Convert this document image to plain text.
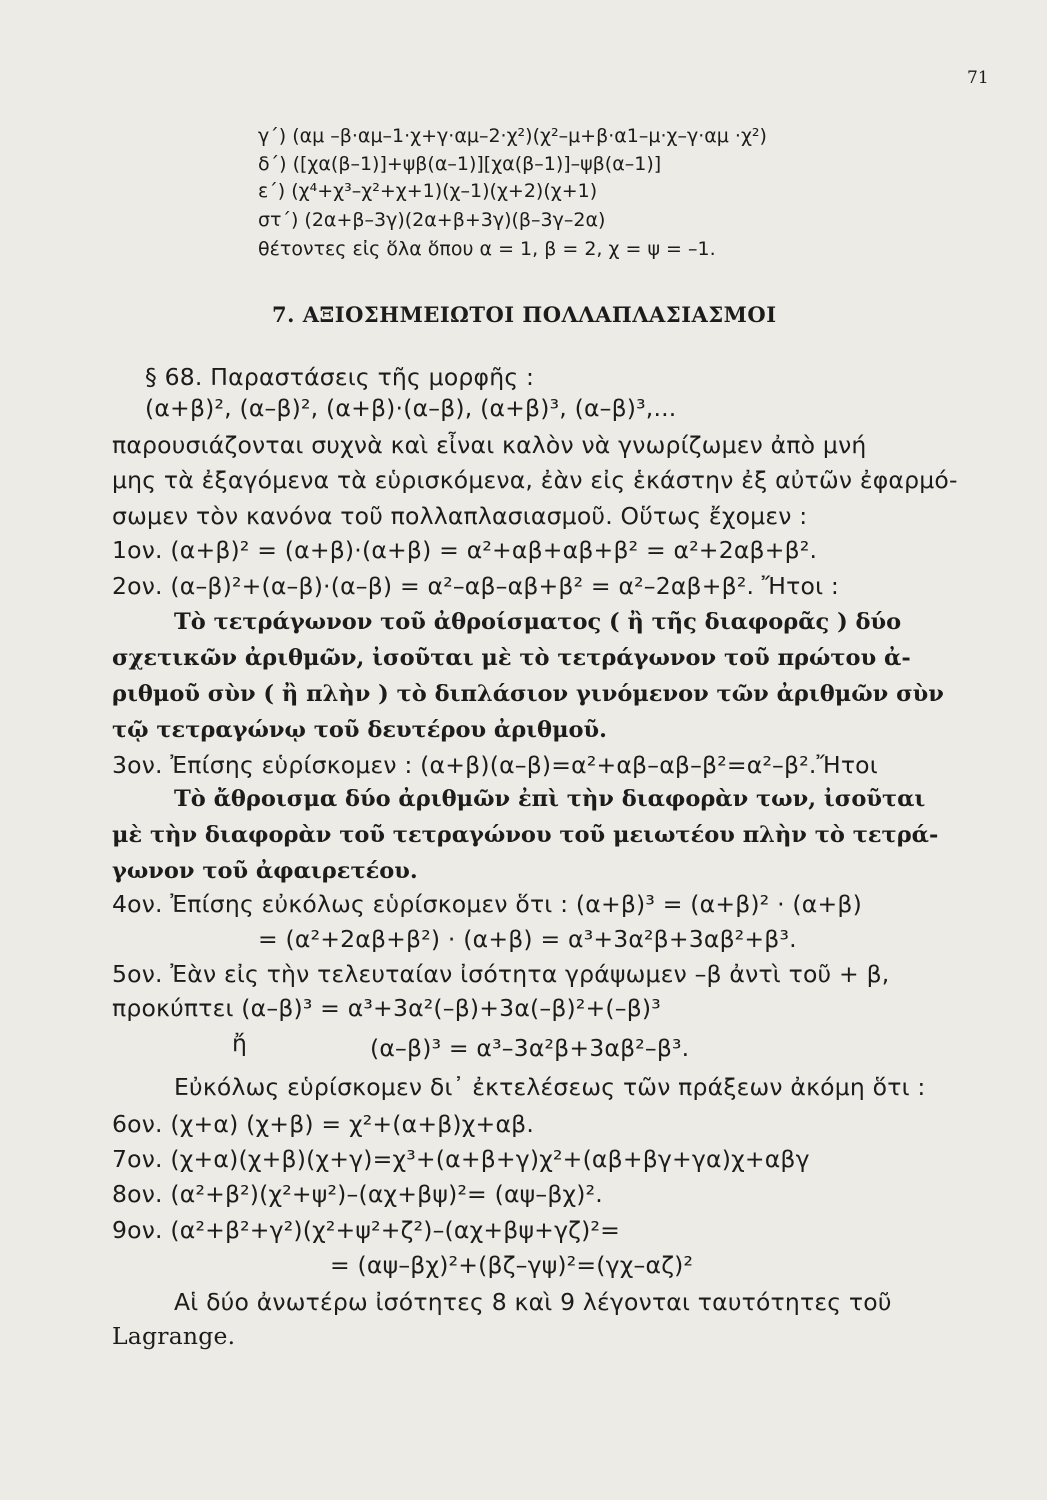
71
γ΄) (αμ –β·αμ–1·χ+γ·αμ–2·χ²)(χ²–μ+β·α1–μ·χ–γ·αμ ·χ²)
δ΄) ([χα(β–1)]+ψβ(α–1)][χα(β–1)]–ψβ(α–1)]
ε΄) (χ⁴+χ³–χ²+χ+1)(χ–1)(χ+2)(χ+1)
στ΄) (2α+β–3γ)(2α+β+3γ)(β–3γ–2α)
θέτοντες εἰς ὅλα ὅπου α = 1, β = 2, χ = ψ = –1.
7. ΑΞΙΟΣΗΜΕΙΩΤΟΙ ΠΟΛΛΑΠΛΑΣΙΑΣΜΟΙ
§ 68. Παραστάσεις τῆς μορφῆς :
(α+β)², (α–β)², (α+β)·(α–β), (α+β)³, (α–β)³,...
παρουσιάζονται συχνὰ καὶ εἶναι καλὸν νὰ γνωρίζωμεν ἀπὸ μνή
μης τὰ ἐξαγόμενα τὰ εὑρισκόμενα, ἐὰν εἰς ἑκάστην ἐξ αὐτῶν ἐφαρμό-
σωμεν τὸν κανόνα τοῦ πολλαπλασιασμοῦ. Οὕτως ἔχομεν :
1ον. (α+β)² = (α+β)·(α+β) = α²+αβ+αβ+β² = α²+2αβ+β².
2ον. (α–β)²+(α–β)·(α–β) = α²–αβ–αβ+β² = α²–2αβ+β². Ἤτοι :
Τὸ τετράγωνον τοῦ ἀθροίσματος ( ἢ τῆς διαφορᾶς ) δύο
σχετικῶν ἀριθμῶν, ἰσοῦται μὲ τὸ τετράγωνον τοῦ πρώτου ἀ-
ριθμοῦ σὺν ( ἢ πλὴν ) τὸ διπλάσιον γινόμενον τῶν ἀριθμῶν σὺν
τῷ τετραγώνῳ τοῦ δευτέρου ἀριθμοῦ.
3ον. Ἐπίσης εὑρίσκομεν : (α+β)(α–β)=α²+αβ–αβ–β²=α²–β².Ἤτοι
Τὸ ἄθροισμα δύο ἀριθμῶν ἐπὶ τὴν διαφορὰν των, ἰσοῦται
μὲ τὴν διαφορὰν τοῦ τετραγώνου τοῦ μειωτέου πλὴν τὸ τετρά-
γωνον τοῦ ἀφαιρετέου.
4ον. Ἐπίσης εὐκόλως εὑρίσκομεν ὅτι : (α+β)³ = (α+β)² · (α+β)
= (α²+2αβ+β²) · (α+β) = α³+3α²β+3αβ²+β³.
5ον. Ἐὰν εἰς τὴν τελευταίαν ἰσότητα γράψωμεν –β ἀντὶ τοῦ + β,
προκύπτει (α–β)³ = α³+3α²(–β)+3α(–β)²+(–β)³
ἤ	(α–β)³ = α³–3α²β+3αβ²–β³.
Εὐκόλως εὑρίσκομεν δι᾽ ἐκτελέσεως τῶν πράξεων ἀκόμη ὅτι :
6ον. (χ+α) (χ+β) = χ²+(α+β)χ+αβ.
7ον. (χ+α)(χ+β)(χ+γ)=χ³+(α+β+γ)χ²+(αβ+βγ+γα)χ+αβγ
8ον. (α²+β²)(χ²+ψ²)–(αχ+βψ)²= (αψ–βχ)².
9ον. (α²+β²+γ²)(χ²+ψ²+ζ²)–(αχ+βψ+γζ)²=
= (αψ–βχ)²+(βζ–γψ)²=(γχ–αζ)²
Αἱ δύο ἀνωτέρω ἰσότητες 8 καὶ 9 λέγονται ταυτότητες τοῦ
Lagrange.
